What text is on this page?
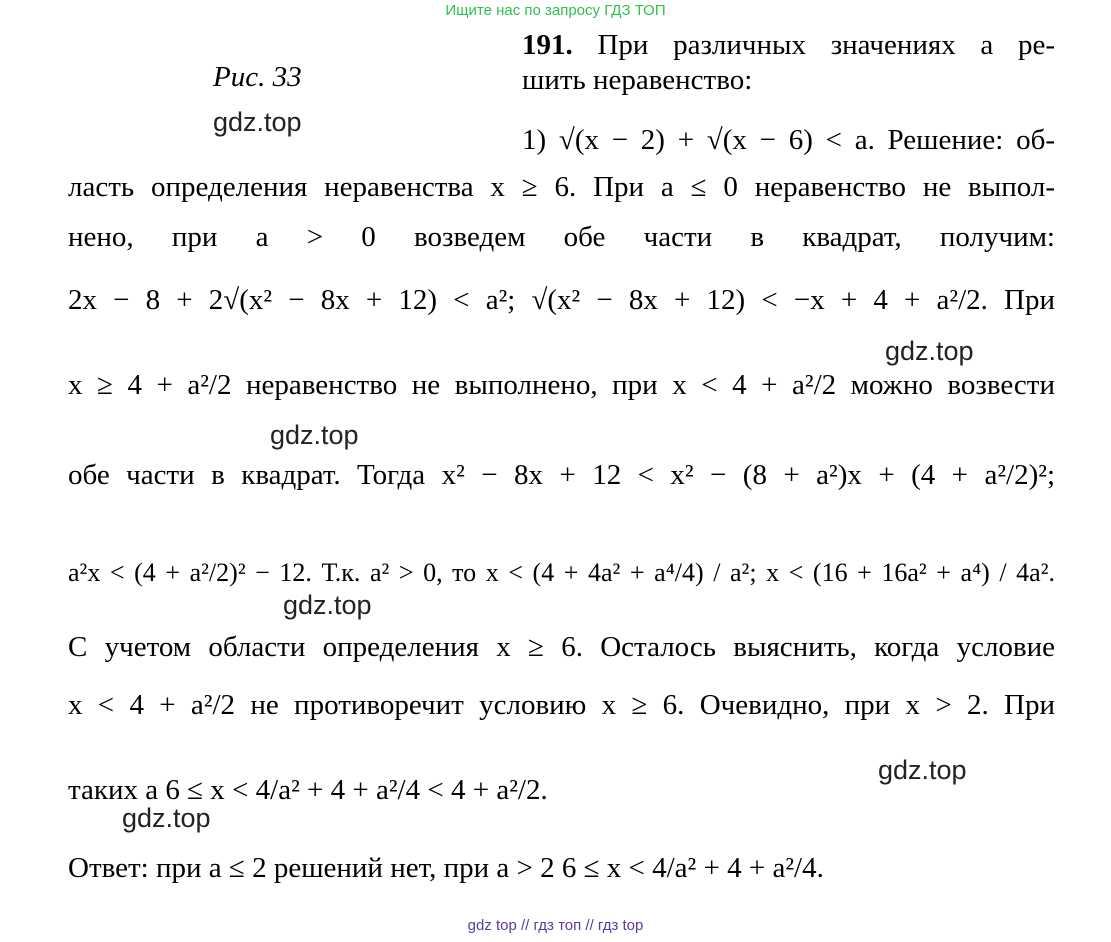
Ищите нас по запросу ГДЗ ТОП
191. При различных значениях a ре-
Рис. 33	шить неравенство:
gdz.top
1) √(x − 2) + √(x − 6) < a. Решение: об-
ласть определения неравенства x ≥ 6. При a ≤ 0 неравенство не выпол-
нено, при a > 0 возведем обе части в квадрат, получим:
2x − 8 + 2√(x² − 8x + 12) < a²; √(x² − 8x + 12) < −x + 4 + a²/2. При
gdz.top
x ≥ 4 + a²/2 неравенство не выполнено, при x < 4 + a²/2 можно возвести
gdz.top
обе части в квадрат. Тогда x² − 8x + 12 < x² − (8 + a²)x + (4 + a²/2)²;
a²x < (4 + a²/2)² − 12. Т.к. a² > 0, то x < (4 + 4a² + a⁴/4) / a²; x < (16 + 16a² + a⁴) / 4a².
gdz.top
С учетом области определения x ≥ 6. Осталось выяснить, когда условие
x < 4 + a²/2 не противоречит условию x ≥ 6. Очевидно, при x > 2. При
gdz.top
таких a 6 ≤ x < 4/a² + 4 + a²/4 < 4 + a²/2.
gdz.top
Ответ: при a ≤ 2 решений нет, при a > 2 6 ≤ x < 4/a² + 4 + a²/4.
gdz top // гдз топ // гдз top
